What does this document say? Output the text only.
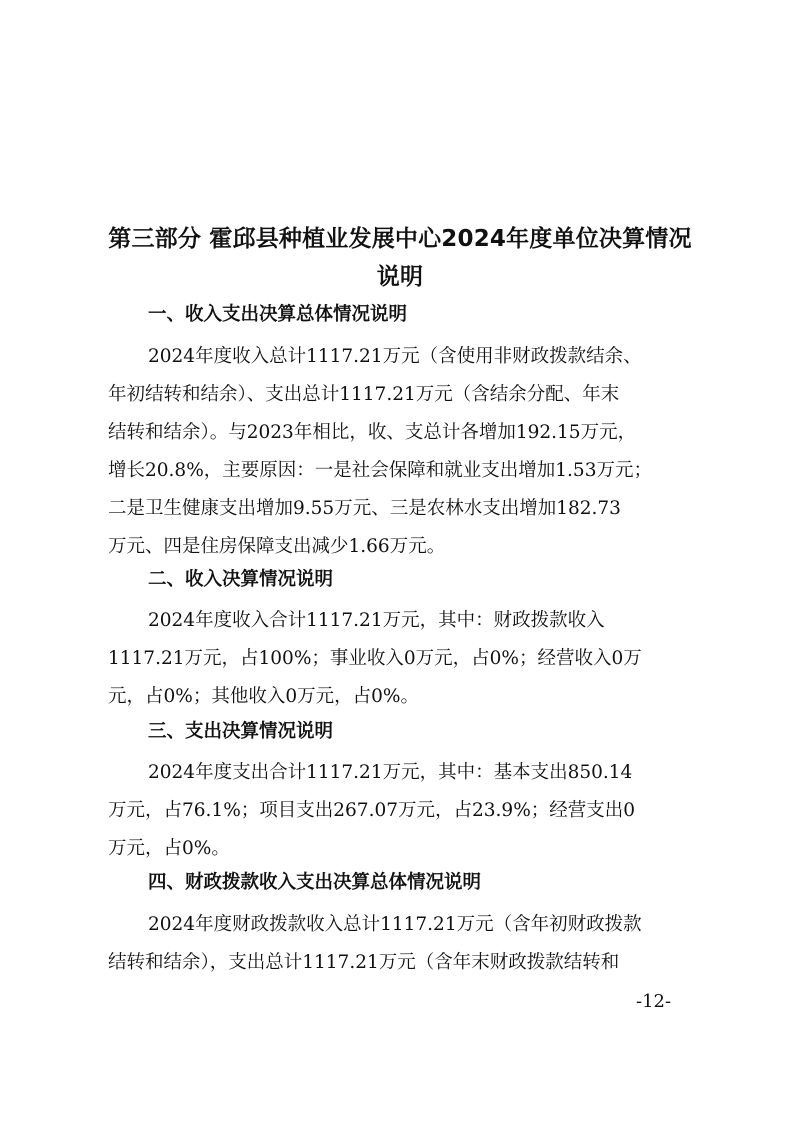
第三部分 霍邱县种植业发展中心2024年度单位决算情况
说明
一、收入支出决算总体情况说明
2024年度收入总计1117.21万元（含使用非财政拨款结余、
年初结转和结余）、支出总计1117.21万元（含结余分配、年末
结转和结余）。与2023年相比，收、支总计各增加192.15万元，
增长20.8%，主要原因：一是社会保障和就业支出增加1.53万元；
二是卫生健康支出增加9.55万元、三是农林水支出增加182.73
万元、四是住房保障支出减少1.66万元。
二、收入决算情况说明
2024年度收入合计1117.21万元，其中：财政拨款收入
1117.21万元，占100%；事业收入0万元，占0%；经营收入0万
元，占0%；其他收入0万元，占0%。
三、支出决算情况说明
2024年度支出合计1117.21万元，其中：基本支出850.14
万元，占76.1%；项目支出267.07万元，占23.9%；经营支出0
万元，占0%。
四、财政拨款收入支出决算总体情况说明
2024年度财政拨款收入总计1117.21万元（含年初财政拨款
结转和结余），支出总计1117.21万元（含年末财政拨款结转和
-12-
